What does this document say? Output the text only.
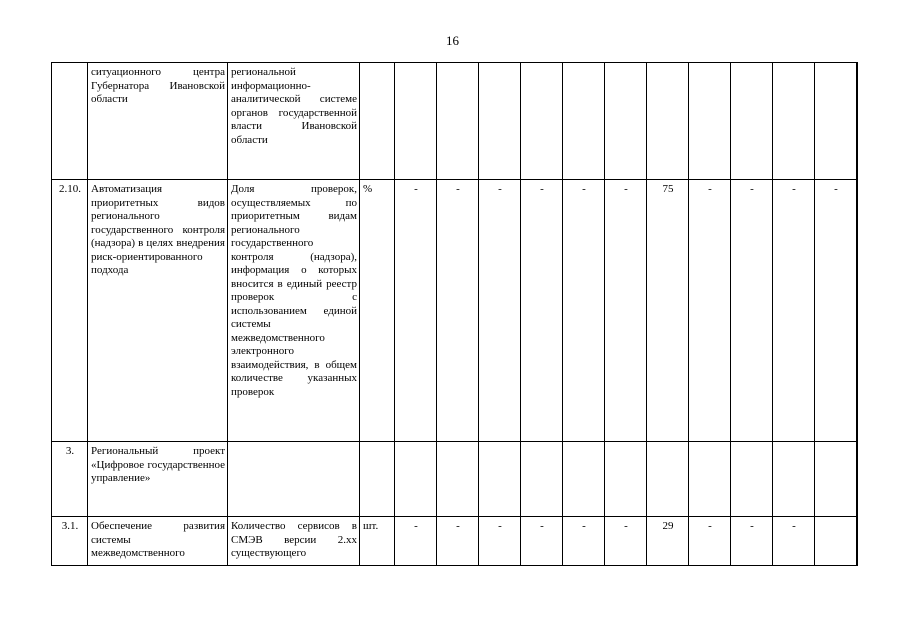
16
	ситуационного центра Губернатора Ивановской области	региональной информационно-аналитической системе органов государственной власти Ивановской области													
2.10.	Автоматизация приоритетных видов регионального государственного контроля (надзора) в целях внедрения риск-ориентированного подхода	Доля проверок, осуществляемых по приоритетным видам регионального государственного контроля (надзора), информация о которых вносится в единый реестр проверок с использованием единой системы межведомственного электронного взаимодействия, в общем количестве указанных проверок	%	-	-	-	-	-	-	75	-	-	-	-	
3.	Региональный проект «Цифровое государственное управление»														
3.1.	Обеспечение развития системы межведомственного	Количество сервисов в СМЭВ версии 2.хх существующего	шт.	-	-	-	-	-	-	29	-	-	-		
